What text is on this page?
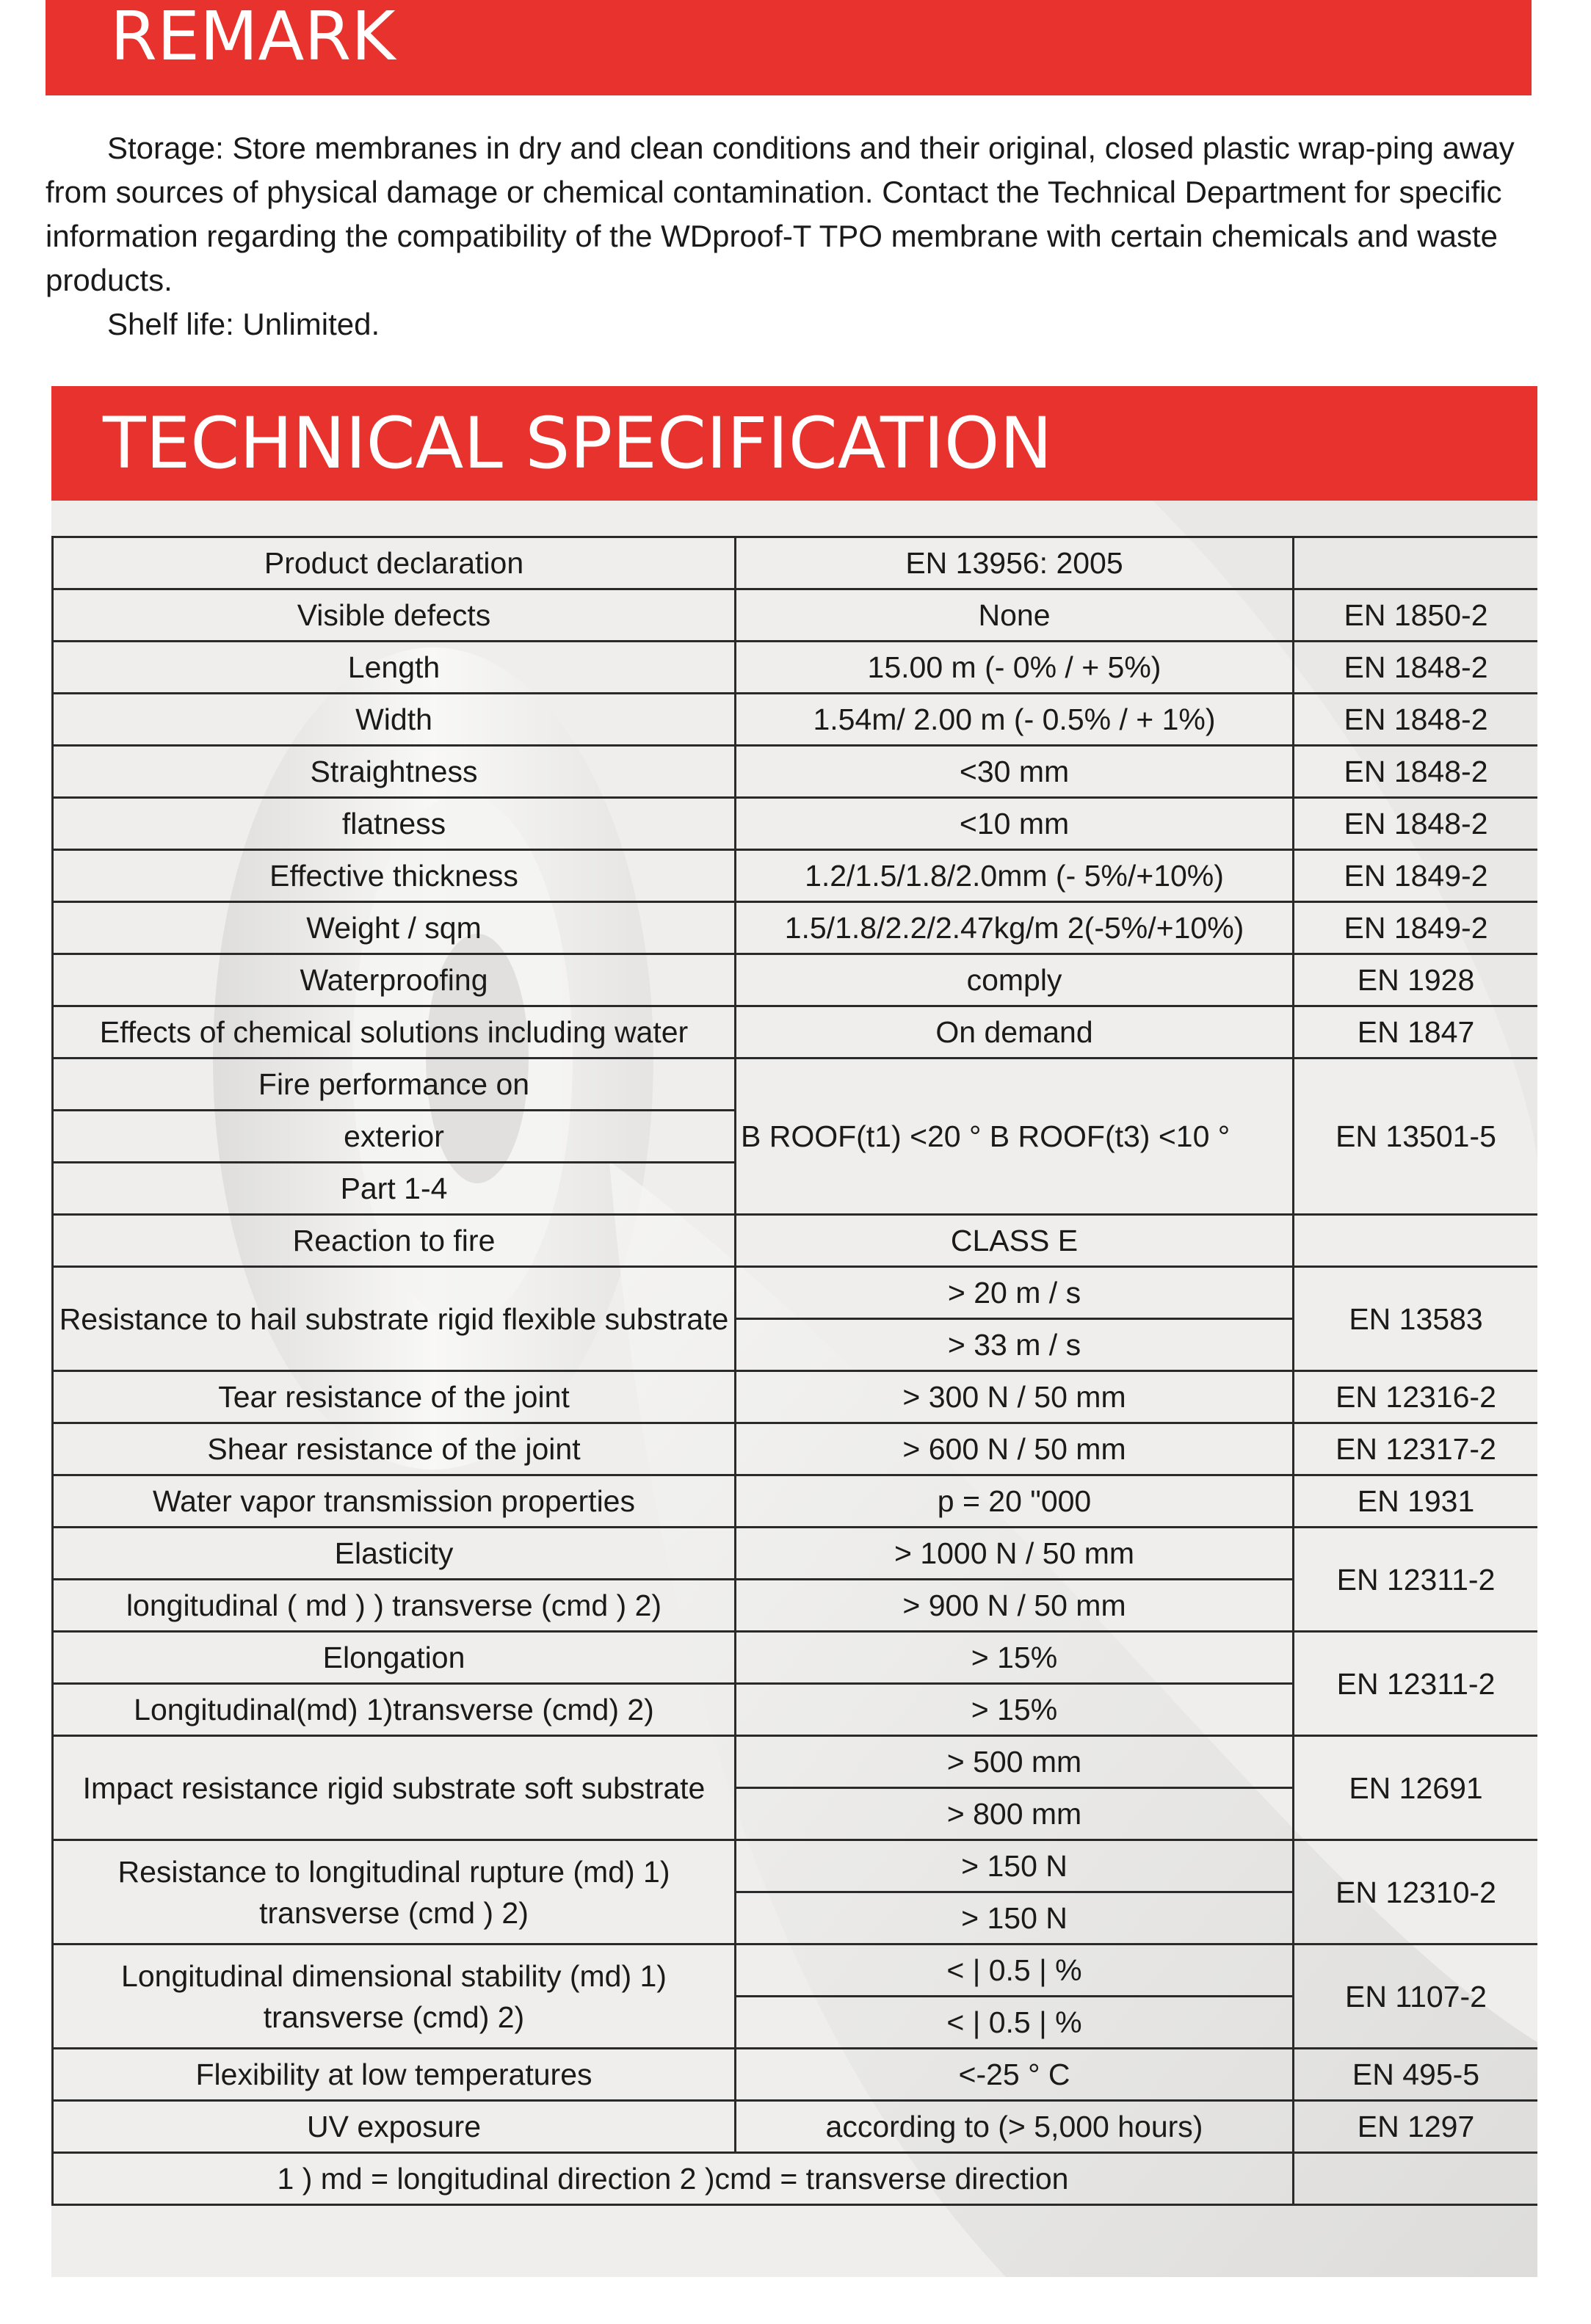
REMARK

Storage: Store membranes in dry and clean conditions and their original, closed plastic wrap-ping away from sources of physical damage or chemical contamination. Contact the Technical Department for specific information regarding the compatibility of the WDproof-T TPO membrane with certain chemicals and waste products.

Shelf life: Unlimited.

TECHNICAL SPECIFICATION
Product declaration	EN 13956: 2005	
Visible defects	None	EN 1850-2
Length	15.00 m (- 0% / + 5%)	EN 1848-2
Width	1.54m/ 2.00 m (- 0.5% / + 1%)	EN 1848-2
Straightness	<30 mm	EN 1848-2
flatness	<10 mm	EN 1848-2
Effective thickness	1.2/1.5/1.8/2.0mm (- 5%/+10%)	EN 1849-2
Weight / sqm	1.5/1.8/2.2/2.47kg/m 2(-5%/+10%)	EN 1849-2
Waterproofing	comply	EN 1928
Effects of chemical solutions including water	On demand	EN 1847
Fire performance on	B ROOF(t1) <20 ° B ROOF(t3) <10 °	EN 13501-5
exterior		
Part 1-4		
Reaction to fire	CLASS E	
Resistance to hail substrate rigid flexible substrate	> 20 m / s	EN 13583
	> 33 m / s	
Tear resistance of the joint	> 300 N / 50 mm	EN 12316-2
Shear resistance of the joint	> 600 N / 50 mm	EN 12317-2
Water vapor transmission properties	p = 20 "000	EN 1931
Elasticity	> 1000 N / 50 mm	EN 12311-2
longitudinal ( md ) ) transverse (cmd ) 2)	> 900 N / 50 mm	
Elongation	> 15%	EN 12311-2
Longitudinal(md) 1)transverse (cmd) 2)	> 15%	
Impact resistance rigid substrate soft substrate	> 500 mm	EN 12691
	> 800 mm	

Resistance to longitudinal rupture (md) 1)
transverse (cmd ) 2)	> 150 N	EN 12310-2
	> 150 N	

Longitudinal dimensional stability (md) 1)
transverse (cmd) 2)	< | 0.5 | %	EN 1107-2
	< | 0.5 | %	
Flexibility at low temperatures	<-25 ° C	EN 495-5
UV exposure	according to (> 5,000 hours)	EN 1297
1 ) md = longitudinal direction 2 )cmd = transverse direction		
